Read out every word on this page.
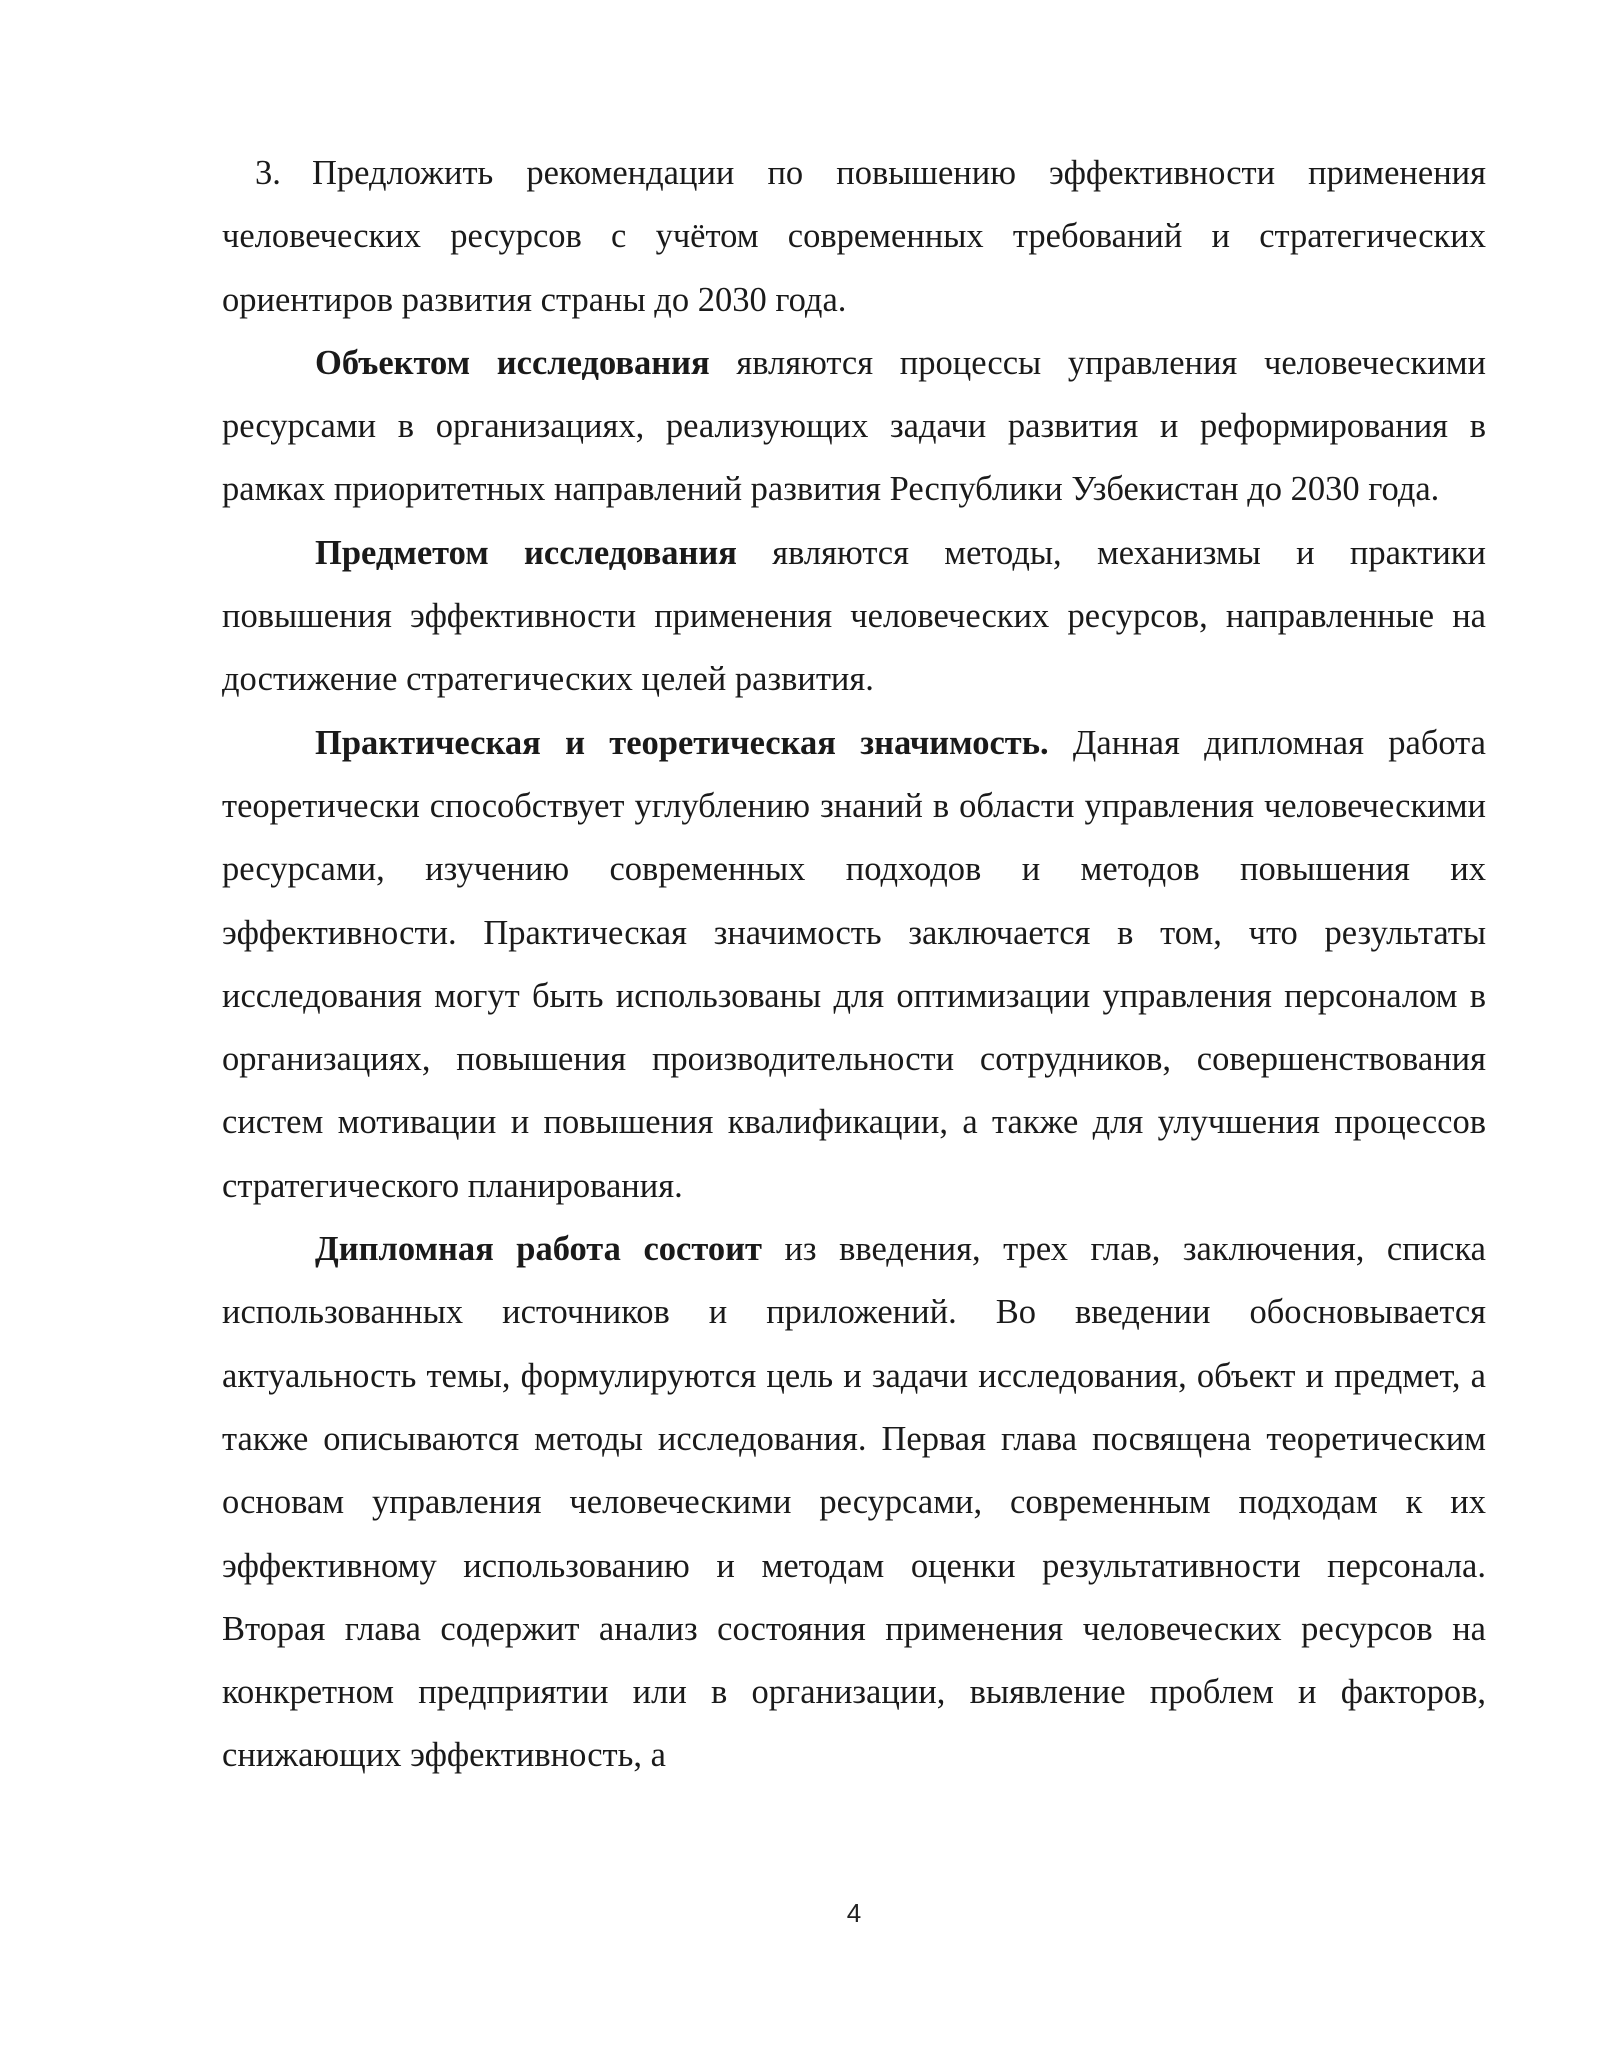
3. Предложить рекомендации по повышению эффективности применения человеческих ресурсов с учётом современных требований и стратегических ориентиров развития страны до 2030 года.

Объектом исследования являются процессы управления человеческими ресурсами в организациях, реализующих задачи развития и реформирования в рамках приоритетных направлений развития Республики Узбекистан до 2030 года.

Предметом исследования являются методы, механизмы и практики повышения эффективности применения человеческих ресурсов, направленные на достижение стратегических целей развития.

Практическая и теоретическая значимость. Данная дипломная работа теоретически способствует углублению знаний в области управления человеческими ресурсами, изучению современных подходов и методов повышения их эффективности. Практическая значимость заключается в том, что результаты исследования могут быть использованы для оптимизации управления персоналом в организациях, повышения производительности сотрудников, совершенствования систем мотивации и повышения квалификации, а также для улучшения процессов стратегического планирования.

Дипломная работа состоит из введения, трех глав, заключения, списка использованных источников и приложений. Во введении обосновывается актуальность темы, формулируются цель и задачи исследования, объект и предмет, а также описываются методы исследования. Первая глава посвящена теоретическим основам управления человеческими ресурсами, современным подходам к их эффективному использованию и методам оценки результативности персонала. Вторая глава содержит анализ состояния применения человеческих ресурсов на конкретном предприятии или в организации, выявление проблем и факторов, снижающих эффективность, а

4
